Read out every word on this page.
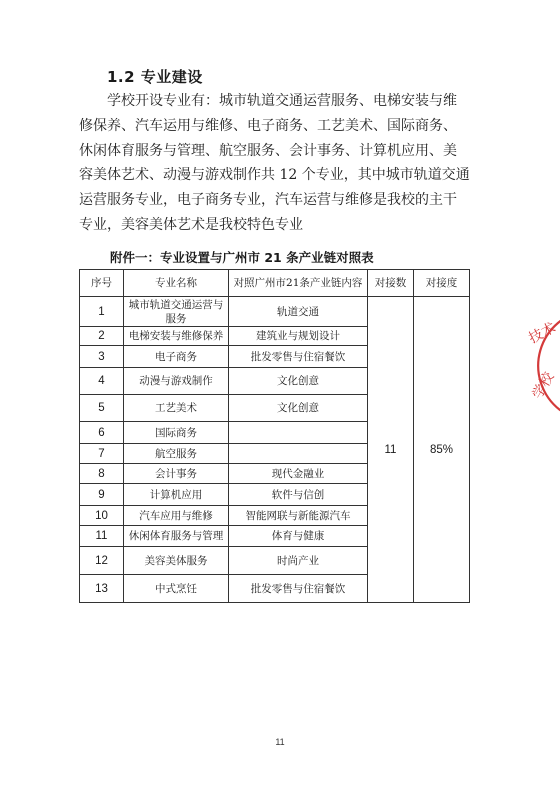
1.2 专业建设
学校开设专业有：城市轨道交通运营服务、电梯安装与维
修保养、汽车运用与维修、电子商务、工艺美术、国际商务、
休闲体育服务与管理、航空服务、会计事务、计算机应用、美
容美体艺术、动漫与游戏制作共 12 个专业，其中城市轨道交通
运营服务专业，电子商务专业，汽车运营与维修是我校的主干
专业，美容美体艺术是我校特色专业
附件一：专业设置与广州市 21 条产业链对照表
序号	专业名称	对照广州市21条产业链内容	对接数	对接度
1	城市轨道交通运营与服务	轨道交通	11	85%
2	电梯安装与维修保养	建筑业与规划设计		
3	电子商务	批发零售与住宿餐饮		
4	动漫与游戏制作	文化创意		
5	工艺美术	文化创意		
6	国际商务			
7	航空服务			
8	会计事务	现代金融业		
9	计算机应用	软件与信创		
10	汽车应用与维修	智能网联与新能源汽车		
11	休闲体育服务与管理	体育与健康		
12	美容美体服务	时尚产业		
13	中式烹饪	批发零售与住宿餐饮		
技术
学校
11
